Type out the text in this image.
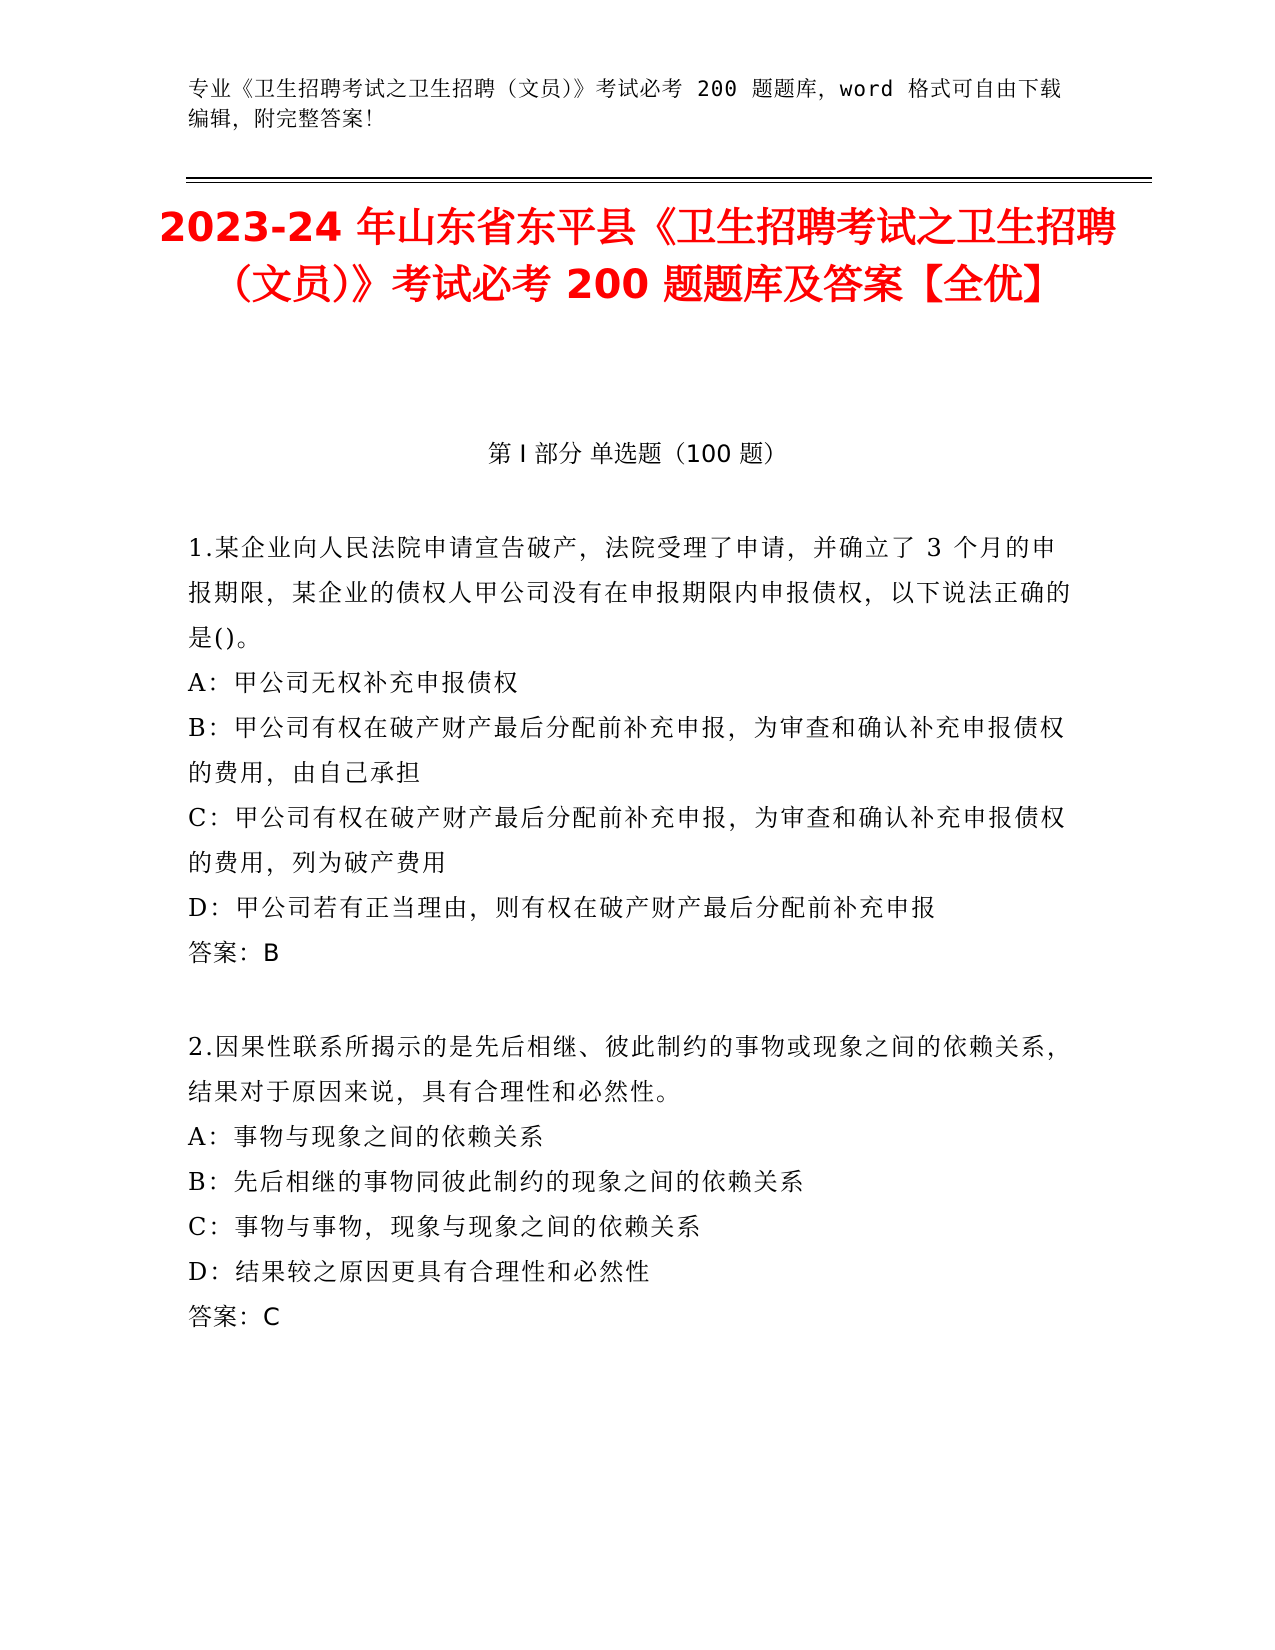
专业《卫生招聘考试之卫生招聘（文员）》考试必考 200 题题库，word 格式可自由下载编辑，附完整答案！
2023-24 年山东省东平县《卫生招聘考试之卫生招聘（文员）》考试必考 200 题题库及答案【全优】
第 I 部分 单选题（100 题）

1.某企业向人民法院申请宣告破产，法院受理了申请，并确立了 3 个月的申报期限，某企业的债权人甲公司没有在申报期限内申报债权，以下说法正确的是()。

A：甲公司无权补充申报债权

B：甲公司有权在破产财产最后分配前补充申报，为审查和确认补充申报债权的费用，由自己承担

C：甲公司有权在破产财产最后分配前补充申报，为审查和确认补充申报债权的费用，列为破产费用

D：甲公司若有正当理由，则有权在破产财产最后分配前补充申报

答案：B

2.因果性联系所揭示的是先后相继、彼此制约的事物或现象之间的依赖关系，结果对于原因来说，具有合理性和必然性。

A：事物与现象之间的依赖关系

B：先后相继的事物同彼此制约的现象之间的依赖关系

C：事物与事物，现象与现象之间的依赖关系

D：结果较之原因更具有合理性和必然性

答案：C
